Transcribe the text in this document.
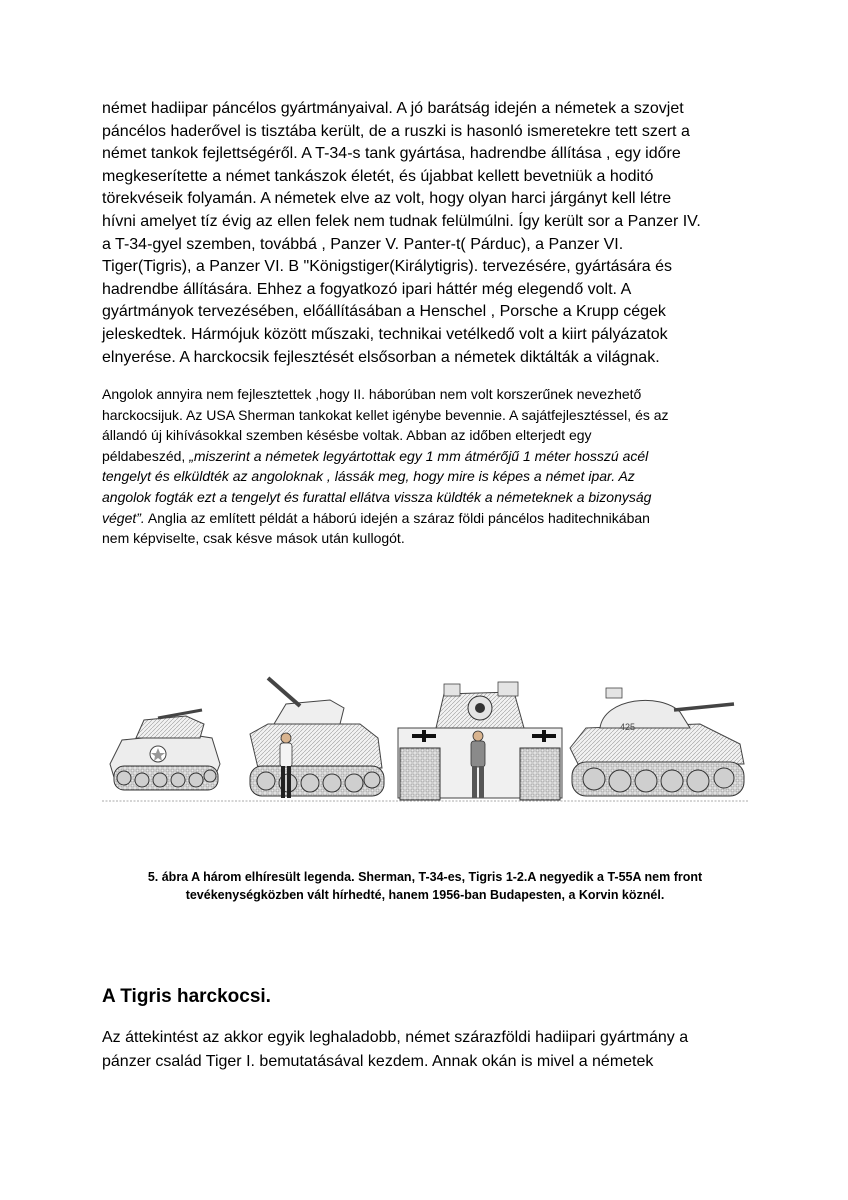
német hadiipar páncélos gyártmányaival. A jó barátság idején a németek a szovjet
páncélos haderővel is tisztába került, de a ruszki is hasonló ismeretekre tett szert a
német tankok fejlettségéről. A T-34-s tank gyártása, hadrendbe állítása , egy időre
megkeserítette a német tankászok életét, és újabbat kellett bevetniük a hoditó
törekvéseik folyamán. A németek elve az volt, hogy olyan harci járgányt kell létre
hívni amelyet tíz évig az ellen felek nem tudnak felülmúlni. Így került sor a Panzer IV.
a T-34-gyel szemben, továbbá , Panzer V. Panter-t( Párduc), a Panzer VI.
Tiger(Tigris), a Panzer VI. B "Königstiger(Királytigris). tervezésére, gyártására és
hadrendbe állítására. Ehhez a fogyatkozó ipari háttér még elegendő volt. A
gyártmányok tervezésében, előállításában a Henschel , Porsche a Krupp cégek
jeleskedtek. Hármójuk között műszaki, technikai vetélkedő volt a kiirt pályázatok
elnyerése. A harckocsik fejlesztését elsősorban a németek diktálták a világnak.
Angolok annyira nem fejlesztettek ,hogy II. háborúban nem volt korszerűnek nevezhető
harckocsijuk. Az USA Sherman tankokat kellet igénybe bevennie. A sajátfejlesztéssel, és az
állandó új kihívásokkal szemben késésbe voltak. Abban az időben elterjedt egy
példabeszéd, „miszerint a németek legyártottak egy 1 mm átmérőjű 1 méter hosszú acél
tengelyt és elküldték az angoloknak , lássák meg, hogy mire is képes a német ipar. Az
angolok fogták ezt a tengelyt és furattal ellátva vissza küldték a németeknek a bizonyság
véget”. Anglia az említett példát a háború idején a száraz földi páncélos haditechnikában
nem képviselte, csak késve mások után kullogót.
425
5. ábra A három elhíresült legenda. Sherman, T-34-es, Tigris 1-2.A negyedik a T-55A nem front
tevékenységközben vált hírhedté, hanem 1956-ban Budapesten, a Korvin köznél.
A Tigris harckocsi.
Az áttekintést az akkor egyik leghaladobb, német szárazföldi hadiipari gyártmány a
pánzer család Tiger I. bemutatásával kezdem. Annak okán is mivel a németek
